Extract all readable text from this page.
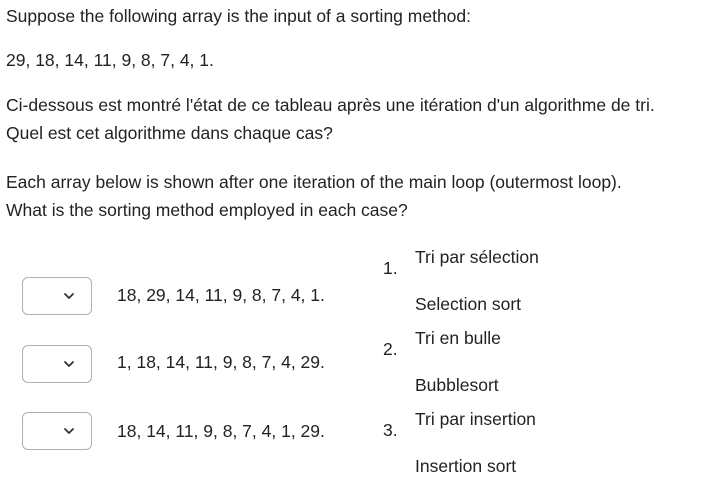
Suppose the following array is the input of a sorting method:
29, 18, 14, 11, 9, 8, 7, 4, 1.
Ci-dessous est montré l'état de ce tableau après une itération d'un algorithme de tri.
Quel est cet algorithme dans chaque cas?
Each array below is shown after one iteration of the main loop (outermost loop).
What is the sorting method employed in each case?
18, 29, 14, 11, 9, 8, 7, 4, 1.
1, 18, 14, 11, 9, 8, 7, 4, 29.
18, 14, 11, 9, 8, 7, 4, 1, 29.
1.
Tri par sélection
Selection sort
2.
Tri en bulle
Bubblesort
3.
Tri par insertion
Insertion sort
